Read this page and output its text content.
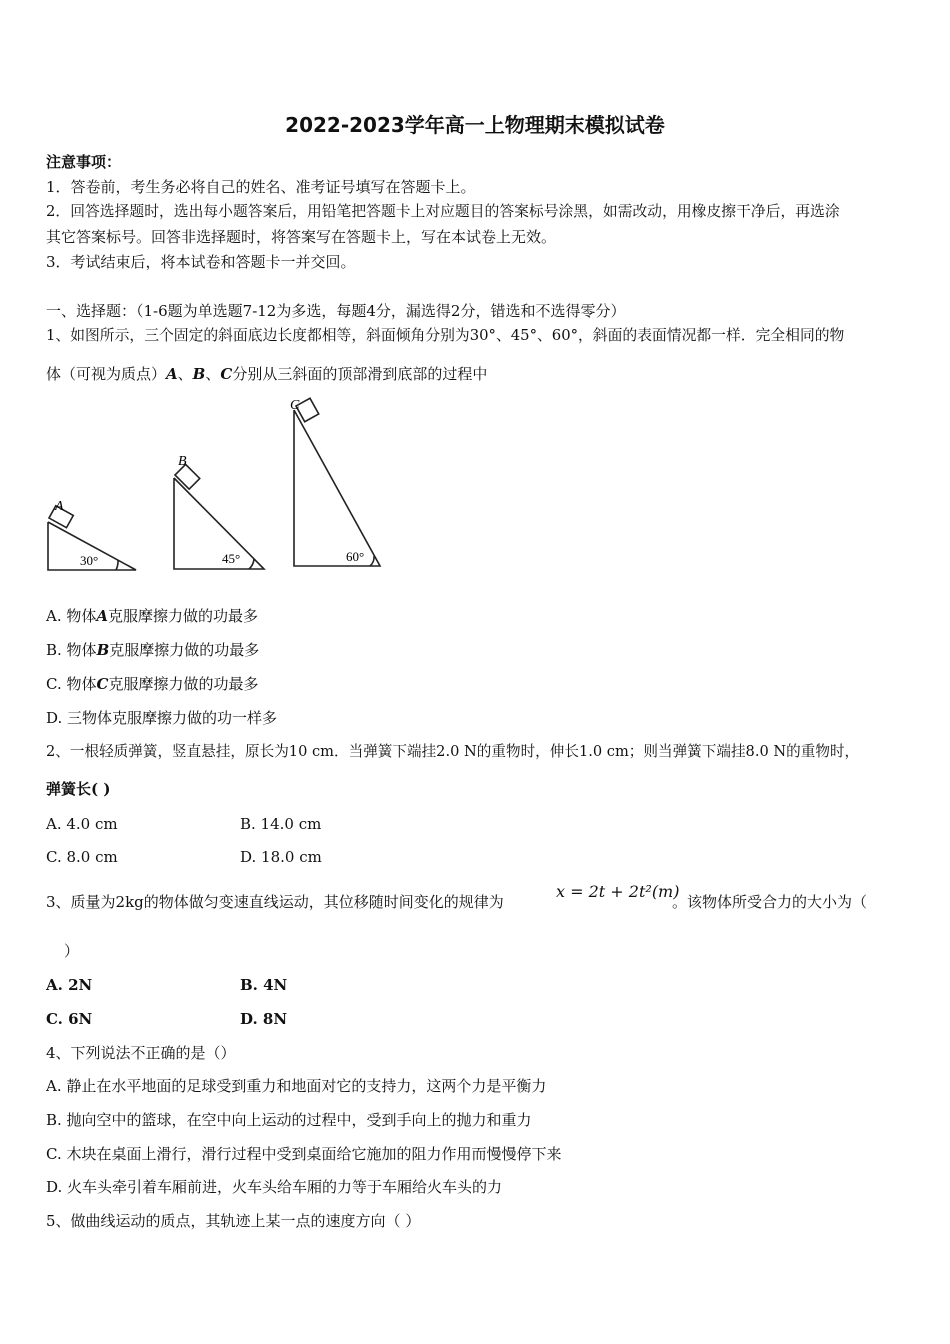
2022-2023学年高一上物理期末模拟试卷
注意事项：
1．答卷前，考生务必将自己的姓名、准考证号填写在答题卡上。
2．回答选择题时，选出每小题答案后，用铅笔把答题卡上对应题目的答案标号涂黑，如需改动，用橡皮擦干净后，再选涂
其它答案标号。回答非选择题时，将答案写在答题卡上，写在本试卷上无效。
3．考试结束后，将本试卷和答题卡一并交回。
一、选择题：（1-6题为单选题7-12为多选，每题4分，漏选得2分，错选和不选得零分）
1、如图所示，三个固定的斜面底边长度都相等，斜面倾角分别为30°、45°、60°，斜面的表面情况都一样．完全相同的物
体（可视为质点）A、B、C分别从三斜面的顶部滑到底部的过程中
A
30°
B
45°
C
60°
A. 物体A克服摩擦力做的功最多
B. 物体B克服摩擦力做的功最多
C. 物体C克服摩擦力做的功最多
D. 三物体克服摩擦力做的功一样多
2、一根轻质弹簧，竖直悬挂，原长为10 cm．当弹簧下端挂2.0 N的重物时，伸长1.0 cm；则当弹簧下端挂8.0 N的重物时，
弹簧长( )
A. 4.0 cm	B. 14.0 cm
C. 8.0 cm	D. 18.0 cm
3、质量为2kg的物体做匀变速直线运动，其位移随时间变化的规律为
x = 2t + 2t²(m)
。该物体所受合力的大小为（
）
A. 2N	B. 4N
C. 6N	D. 8N
4、下列说法不正确的是（）
A. 静止在水平地面的足球受到重力和地面对它的支持力，这两个力是平衡力
B. 抛向空中的篮球，在空中向上运动的过程中，受到手向上的抛力和重力
C. 木块在桌面上滑行，滑行过程中受到桌面给它施加的阻力作用而慢慢停下来
D. 火车头牵引着车厢前进，火车头给车厢的力等于车厢给火车头的力
5、做曲线运动的质点，其轨迹上某一点的速度方向（ ）
